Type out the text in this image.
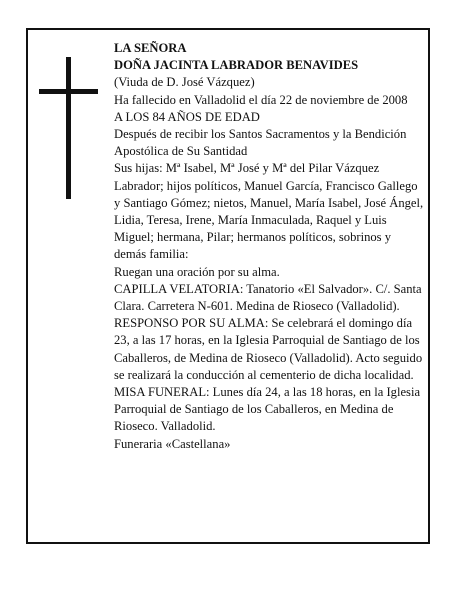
LA SEÑORA

DOÑA JACINTA LABRADOR BENAVIDES

(Viuda de D. José Vázquez)

Ha fallecido en Valladolid el día 22 de noviembre de 2008

A LOS 84 AÑOS DE EDAD

Después de recibir los Santos Sacramentos y la Bendición Apostólica de Su Santidad

Sus hijas: Mª Isabel, Mª José y Mª del Pilar Vázquez Labrador; hijos políticos, Manuel García, Francisco Gallego y Santiago Gómez; nietos, Manuel, María Isabel, José Ángel, Lidia, Teresa, Irene, María Inmaculada, Raquel y Luis Miguel; hermana, Pilar; hermanos políticos, sobrinos y demás familia:

Ruegan una oración por su alma.

CAPILLA VELATORIA: Tanatorio «El Salvador». C/. Santa Clara. Carretera N-601. Medina de Rioseco (Valladolid).

RESPONSO POR SU ALMA: Se celebrará el domingo día 23, a las 17 horas, en la Iglesia Parroquial de Santiago de los Caballeros, de Medina de Rioseco (Valladolid). Acto seguido se realizará la conducción al cementerio de dicha localidad.

MISA FUNERAL: Lunes día 24, a las 18 horas, en la Iglesia Parroquial de Santiago de los Caballeros, en Medina de Rioseco. Valladolid.

Funeraria «Castellana»
